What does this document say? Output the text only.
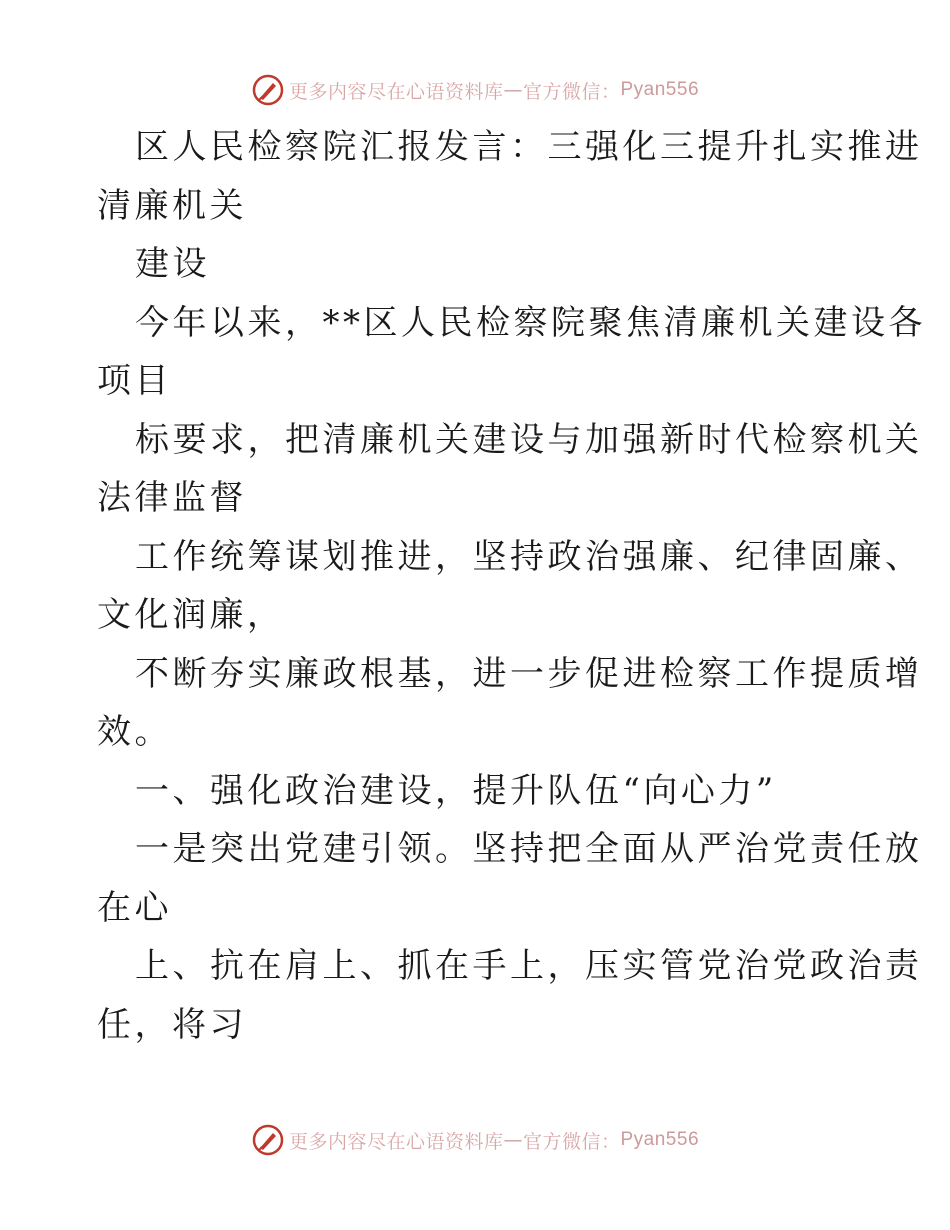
更多内容尽在心语资料库 — 官方微信： Pyan556
区人民检察院汇报发言：三强化三提升扎实推进
清廉机关
建设
今年以来，**区人民检察院聚焦清廉机关建设各
项目
标要求，把清廉机关建设与加强新时代检察机关
法律监督
工作统筹谋划推进，坚持政治强廉、纪律固廉、
文化润廉，
不断夯实廉政根基，进一步促进检察工作提质增
效。
一、强化政治建设，提升队伍“向心力”
一是突出党建引领。坚持把全面从严治党责任放
在心
上、抗在肩上、抓在手上，压实管党治党政治责
任，将习
更多内容尽在心语资料库 — 官方微信： Pyan556
